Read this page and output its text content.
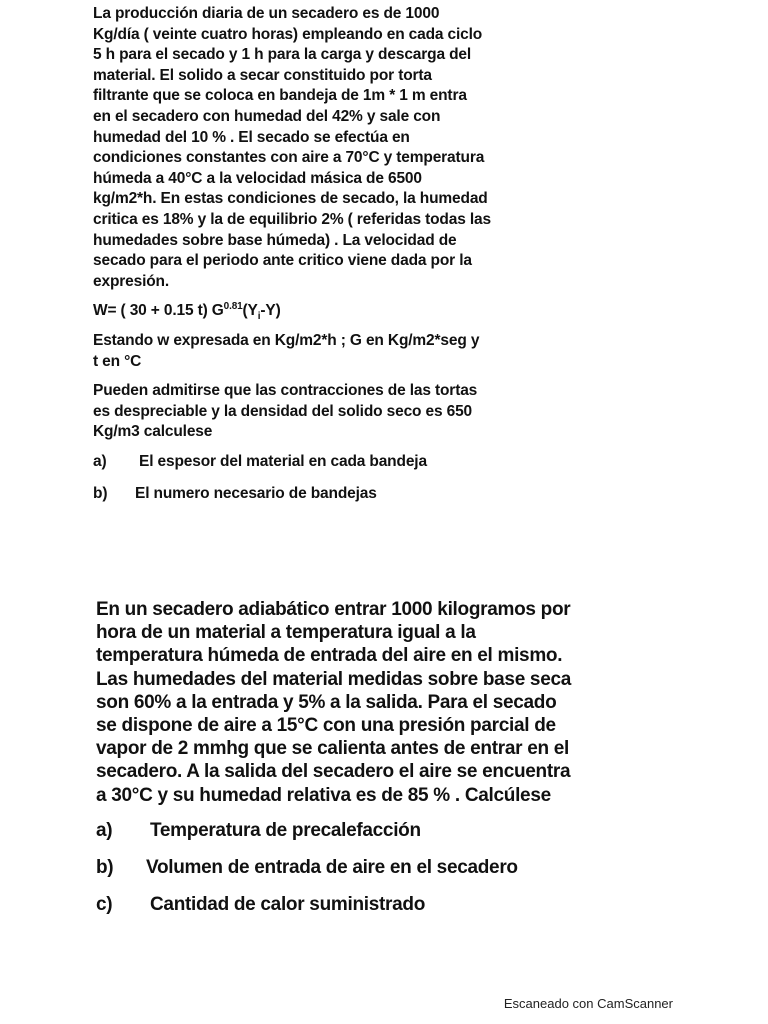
La producción diaria de un secadero es de 1000
Kg/día ( veinte cuatro horas) empleando en cada ciclo
5 h para el secado y 1 h para la carga y descarga del
material. El solido a secar constituido por torta
filtrante que se coloca en bandeja de 1m * 1 m entra
en el secadero con humedad del 42% y sale con
humedad del 10 % . El secado se efectúa en
condiciones constantes con aire a 70°C y temperatura
húmeda a 40°C a la velocidad másica de 6500
kg/m2*h. En estas condiciones de secado, la humedad
critica es 18% y la de equilibrio 2% ( referidas todas las
humedades sobre base húmeda) . La velocidad de
secado para el periodo ante critico viene dada por la
expresión.

W= ( 30 + 0.15 t) $G^{0.81}(Y_i-Y)$

Estando w expresada en Kg/m2*h ; G en Kg/m2*seg y
t en °C

Pueden admitirse que las contracciones de las tortas
es despreciable y la densidad del solido seco es 650
Kg/m3 calculese

a)	El espesor del material en cada bandeja
b)	El numero necesario de bandejas

En un secadero adiabático entrar 1000 kilogramos por
hora de un material a temperatura igual a la
temperatura húmeda de entrada del aire en el mismo.
Las humedades del material medidas sobre base seca
son 60% a la entrada y 5% a la salida. Para el secado
se dispone de aire a 15°C con una presión parcial de
vapor de 2 mmhg que se calienta antes de entrar en el
secadero. A la salida del secadero el aire se encuentra
a 30°C y su humedad relativa es de 85 % . Calcúlese

a)	Temperatura de precalefacción
b)	Volumen de entrada de aire en el secadero
c)	Cantidad de calor suministrado
Escaneado con CamScanner
